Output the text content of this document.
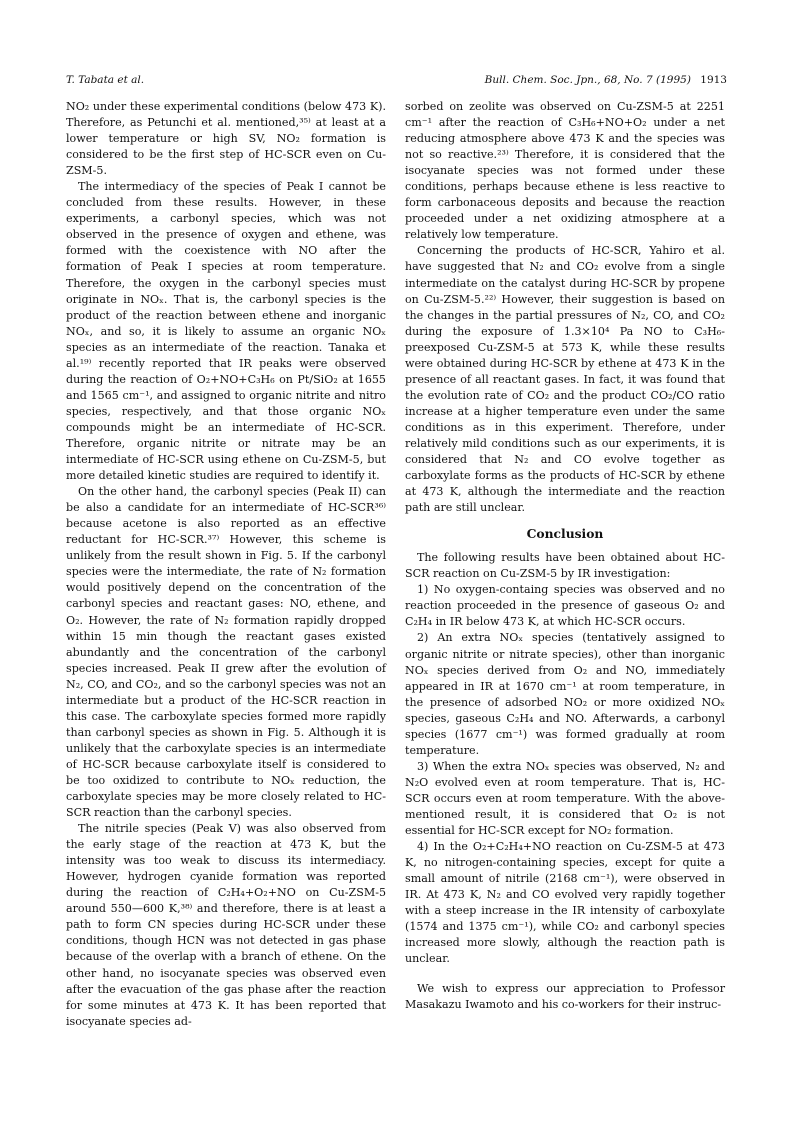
T. Tabata et al.	Bull. Chem. Soc. Jpn., 68, No. 7 (1995) 1913

NO₂ under these experimental conditions (below 473 K). Therefore, as Petunchi et al. mentioned,³⁵⁾ at least at a lower temperature or high SV, NO₂ formation is considered to be the first step of HC-SCR even on Cu-ZSM-5.

The intermediacy of the species of Peak I cannot be concluded from these results. However, in these experiments, a carbonyl species, which was not observed in the presence of oxygen and ethene, was formed with the coexistence with NO after the formation of Peak I species at room temperature. Therefore, the oxygen in the carbonyl species must originate in NOₓ. That is, the carbonyl species is the product of the reaction between ethene and inorganic NOₓ, and so, it is likely to assume an organic NOₓ species as an intermediate of the reaction. Tanaka et al.¹⁹⁾ recently reported that IR peaks were observed during the reaction of O₂+NO+C₃H₆ on Pt/SiO₂ at 1655 and 1565 cm⁻¹, and assigned to organic nitrite and nitro species, respectively, and that those organic NOₓ compounds might be an intermediate of HC-SCR. Therefore, organic nitrite or nitrate may be an intermediate of HC-SCR using ethene on Cu-ZSM-5, but more detailed kinetic studies are required to identify it.

On the other hand, the carbonyl species (Peak II) can be also a candidate for an intermediate of HC-SCR³⁶⁾ because acetone is also reported as an effective reductant for HC-SCR.³⁷⁾ However, this scheme is unlikely from the result shown in Fig. 5. If the carbonyl species were the intermediate, the rate of N₂ formation would positively depend on the concentration of the carbonyl species and reactant gases: NO, ethene, and O₂. However, the rate of N₂ formation rapidly dropped within 15 min though the reactant gases existed abundantly and the concentration of the carbonyl species increased. Peak II grew after the evolution of N₂, CO, and CO₂, and so the carbonyl species was not an intermediate but a product of the HC-SCR reaction in this case. The carboxylate species formed more rapidly than carbonyl species as shown in Fig. 5. Although it is unlikely that the carboxylate species is an intermediate of HC-SCR because carboxylate itself is considered to be too oxidized to contribute to NOₓ reduction, the carboxylate species may be more closely related to HC-SCR reaction than the carbonyl species.

The nitrile species (Peak V) was also observed from the early stage of the reaction at 473 K, but the intensity was too weak to discuss its intermediacy. However, hydrogen cyanide formation was reported during the reaction of C₂H₄+O₂+NO on Cu-ZSM-5 around 550—600 K,³⁸⁾ and therefore, there is at least a path to form CN species during HC-SCR under these conditions, though HCN was not detected in gas phase because of the overlap with a branch of ethene. On the other hand, no isocyanate species was observed even after the evacuation of the gas phase after the reaction for some minutes at 473 K. It has been reported that isocyanate species ad-

sorbed on zeolite was observed on Cu-ZSM-5 at 2251 cm⁻¹ after the reaction of C₃H₆+NO+O₂ under a net reducing atmosphere above 473 K and the species was not so reactive.²³⁾ Therefore, it is considered that the isocyanate species was not formed under these conditions, perhaps because ethene is less reactive to form carbonaceous deposits and because the reaction proceeded under a net oxidizing atmosphere at a relatively low temperature.

Concerning the products of HC-SCR, Yahiro et al. have suggested that N₂ and CO₂ evolve from a single intermediate on the catalyst during HC-SCR by propene on Cu-ZSM-5.²²⁾ However, their suggestion is based on the changes in the partial pressures of N₂, CO, and CO₂ during the exposure of 1.3×10⁴ Pa NO to C₃H₆-preexposed Cu-ZSM-5 at 573 K, while these results were obtained during HC-SCR by ethene at 473 K in the presence of all reactant gases. In fact, it was found that the evolution rate of CO₂ and the product CO₂/CO ratio increase at a higher temperature even under the same conditions as in this experiment. Therefore, under relatively mild conditions such as our experiments, it is considered that N₂ and CO evolve together as carboxylate forms as the products of HC-SCR by ethene at 473 K, although the intermediate and the reaction path are still unclear.

Conclusion

The following results have been obtained about HC-SCR reaction on Cu-ZSM-5 by IR investigation:

1) No oxygen-containg species was observed and no reaction proceeded in the presence of gaseous O₂ and C₂H₄ in IR below 473 K, at which HC-SCR occurs.

2) An extra NOₓ species (tentatively assigned to organic nitrite or nitrate species), other than inorganic NOₓ species derived from O₂ and NO, immediately appeared in IR at 1670 cm⁻¹ at room temperature, in the presence of adsorbed NO₂ or more oxidized NOₓ species, gaseous C₂H₄ and NO. Afterwards, a carbonyl species (1677 cm⁻¹) was formed gradually at room temperature.

3) When the extra NOₓ species was observed, N₂ and N₂O evolved even at room temperature. That is, HC-SCR occurs even at room temperature. With the above-mentioned result, it is considered that O₂ is not essential for HC-SCR except for NO₂ formation.

4) In the O₂+C₂H₄+NO reaction on Cu-ZSM-5 at 473 K, no nitrogen-containing species, except for quite a small amount of nitrile (2168 cm⁻¹), were observed in IR. At 473 K, N₂ and CO evolved very rapidly together with a steep increase in the IR intensity of carboxylate (1574 and 1375 cm⁻¹), while CO₂ and carbonyl species increased more slowly, although the reaction path is unclear.

We wish to express our appreciation to Professor Masakazu Iwamoto and his co-workers for their instruc-
